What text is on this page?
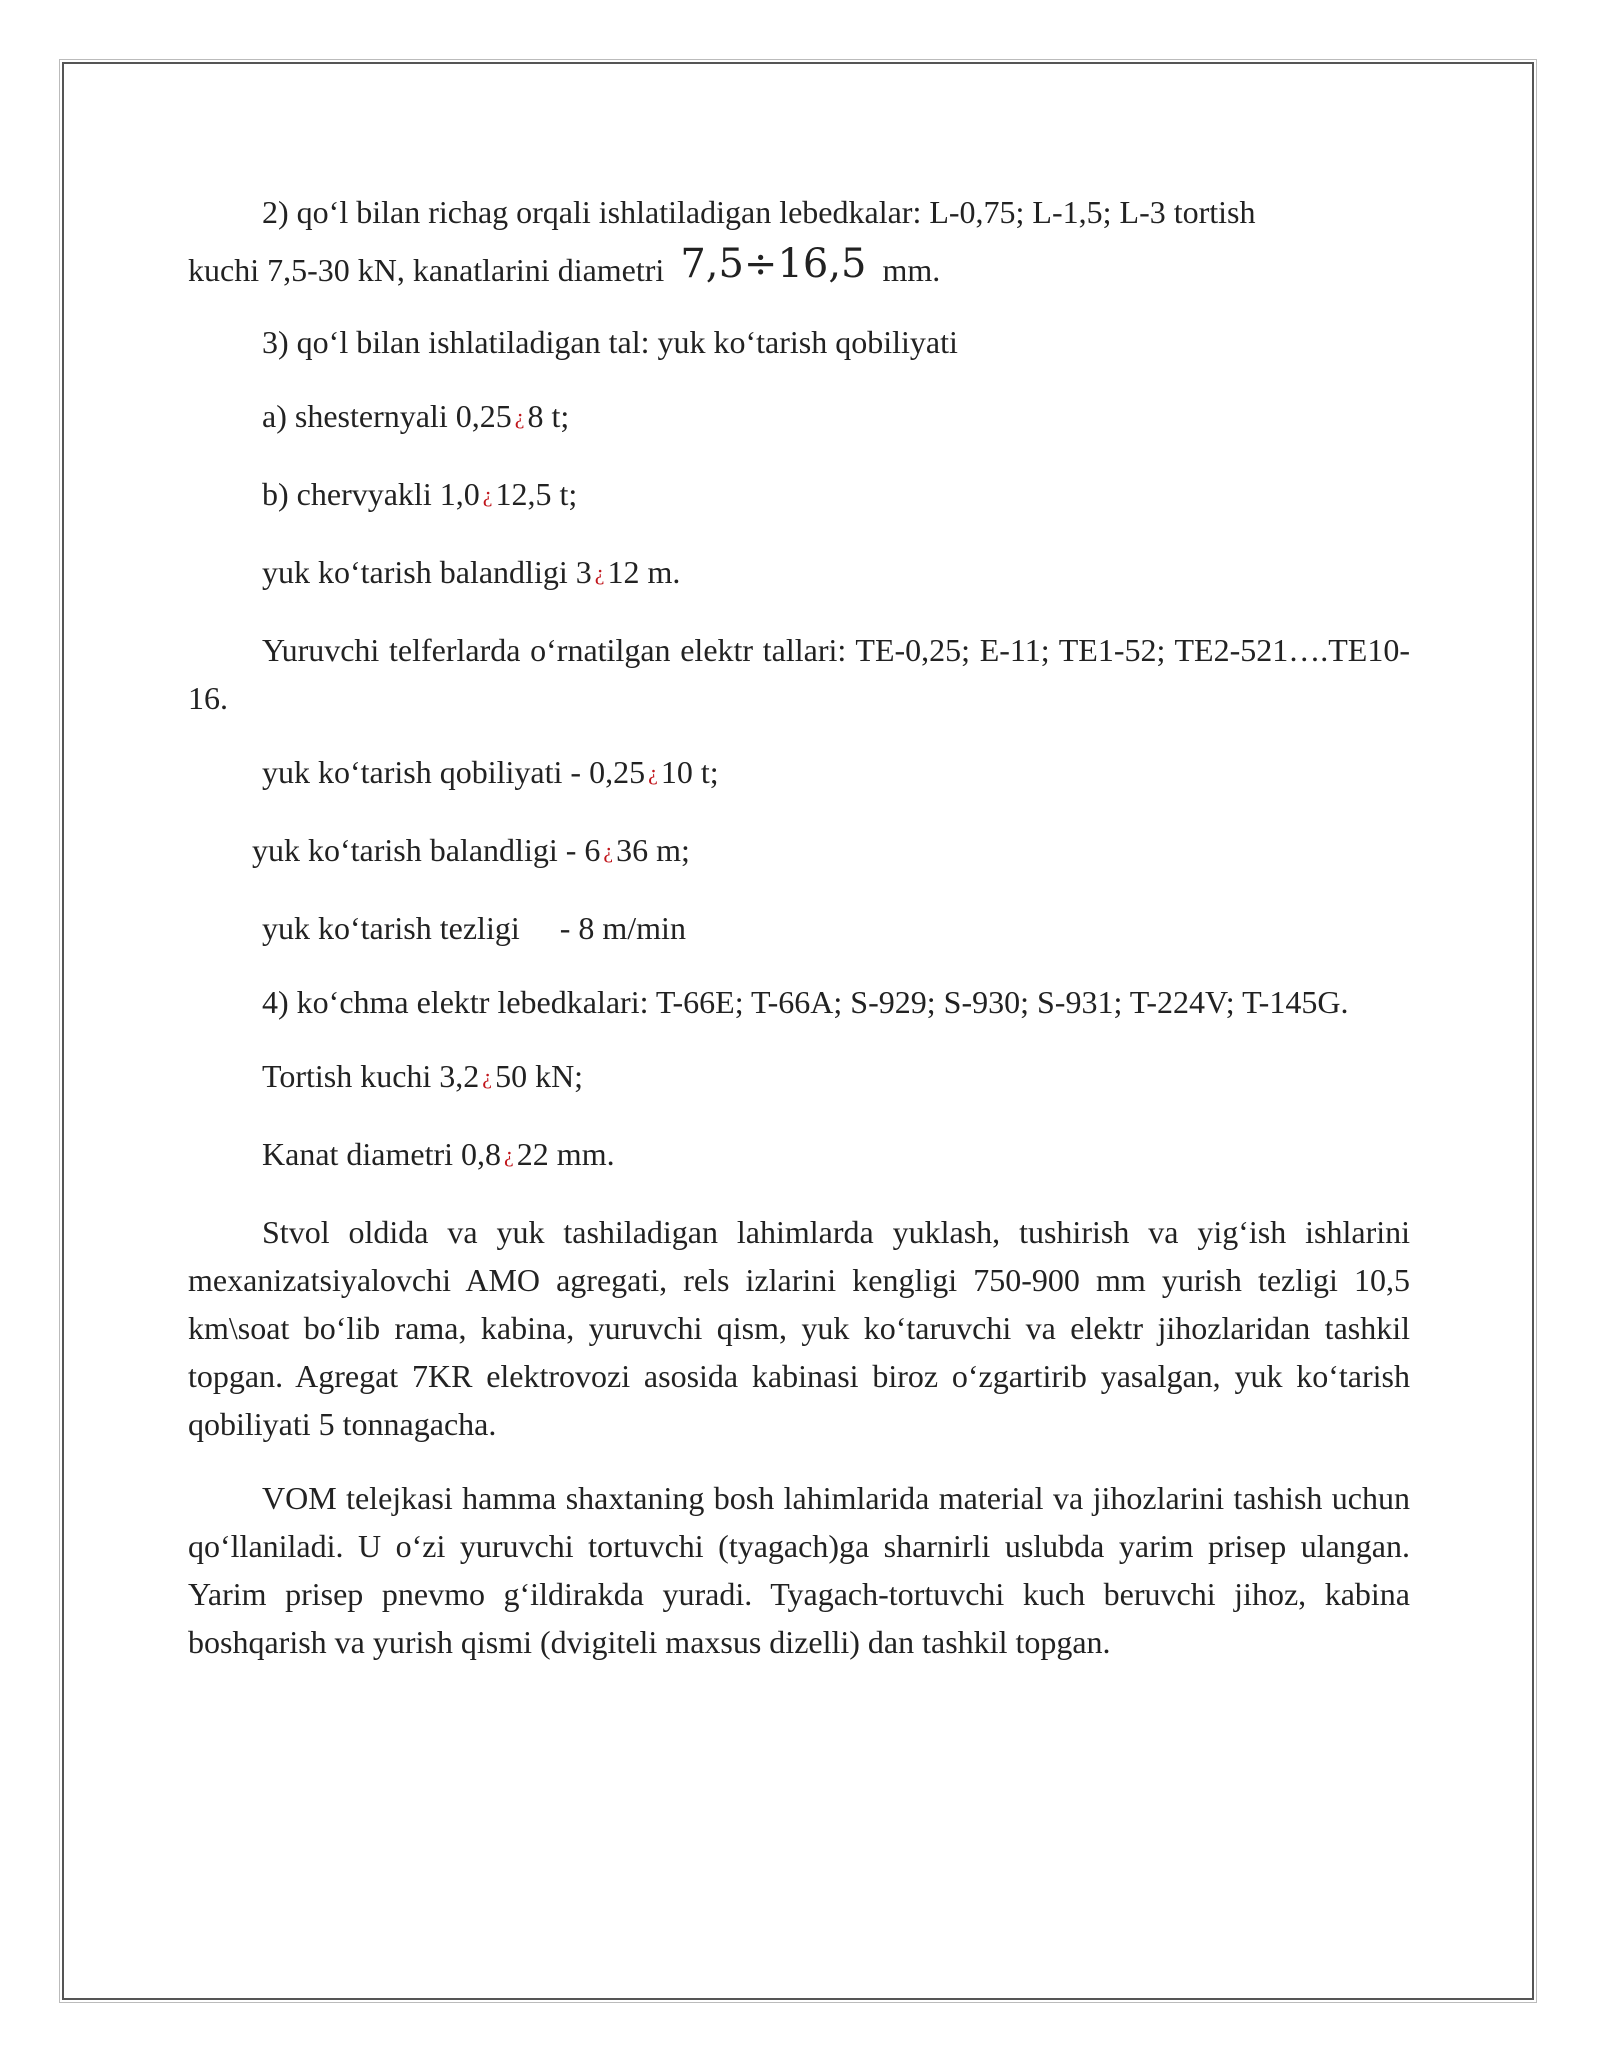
2) qo‘l bilan richag orqali ishlatiladigan lebedkalar: L-0,75; L-1,5; L-3 tortish

kuchi 7,5-30 kN, kanatlarini diametri 7,5÷16,5 mm.

3) qo‘l bilan ishlatiladigan tal: yuk ko‘tarish qobiliyati

a) shesternyali 0,25 ¿8 t;

b) chervyakli 1,0 ¿12,5 t;

yuk ko‘tarish balandligi 3 ¿12 m.

Yuruvchi telferlarda o‘rnatilgan elektr tallari: TE-0,25; E-11; TE1-52; TE2-521….TE10-16.

yuk ko‘tarish qobiliyati - 0,25 ¿10 t;

yuk ko‘tarish balandligi - 6 ¿36 m;

yuk ko‘tarish tezligi     - 8 m/min

4) ko‘chma elektr lebedkalari: T-66E; T-66A; S-929; S-930; S-931; T-224V; T-145G.

Tortish kuchi 3,2 ¿50 kN;

Kanat diametri 0,8 ¿22 mm.

Stvol oldida va yuk tashiladigan lahimlarda yuklash, tushirish va yig‘ish ishlarini mexanizatsiyalovchi AMO agregati, rels izlarini kengligi 750-900 mm yurish tezligi 10,5 km\soat bo‘lib rama, kabina, yuruvchi qism, yuk ko‘taruvchi va elektr jihozlaridan tashkil topgan. Agregat 7KR elektrovozi asosida kabinasi biroz o‘zgartirib yasalgan, yuk ko‘tarish qobiliyati 5 tonnagacha.

VOM telejkasi hamma shaxtaning bosh lahimlarida material va jihozlarini tashish uchun qo‘llaniladi. U o‘zi yuruvchi tortuvchi (tyagach)ga sharnirli uslubda yarim prisep ulangan. Yarim prisep pnevmo g‘ildirakda yuradi. Tyagach-tortuvchi kuch beruvchi jihoz, kabina boshqarish va yurish qismi (dvigiteli maxsus dizelli) dan tashkil topgan.
